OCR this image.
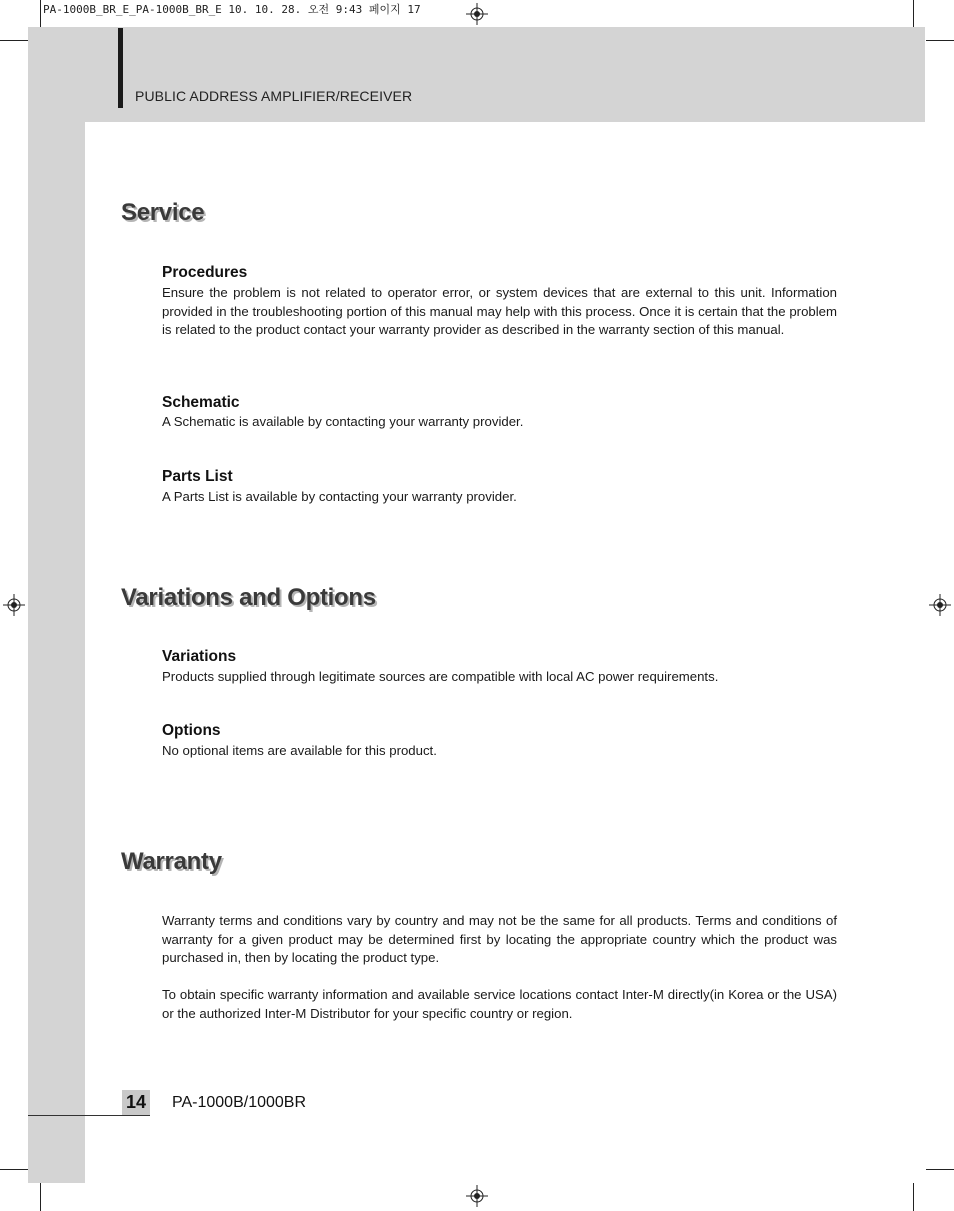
PA-1000B_BR_E_PA-1000B_BR_E 10. 10. 28. 오전 9:43 페이지 17
PUBLIC ADDRESS AMPLIFIER/RECEIVER
Service
Procedures

Ensure the problem is not related to operator error, or system devices that are external to this unit. Information provided in the troubleshooting portion of this manual may help with this process. Once it is certain that the problem is related to the product contact your warranty provider as described in the warranty section of this manual.

Schematic

A Schematic is available by contacting your warranty provider.

Parts List

A Parts List is available by contacting your warranty provider.

Variations and Options
Variations

Products supplied through legitimate sources are compatible with local AC power requirements.

Options

No optional items are available for this product.

Warranty

Warranty terms and conditions vary by country and may not be the same for all products. Terms and conditions of warranty for a given product may be determined first by locating the appropriate country which the product was purchased in, then by locating the product type.

To obtain specific warranty information and available service locations contact Inter-M directly(in Korea or the USA) or the authorized Inter-M Distributor for your specific country or region.

14 PA-1000B/1000BR
